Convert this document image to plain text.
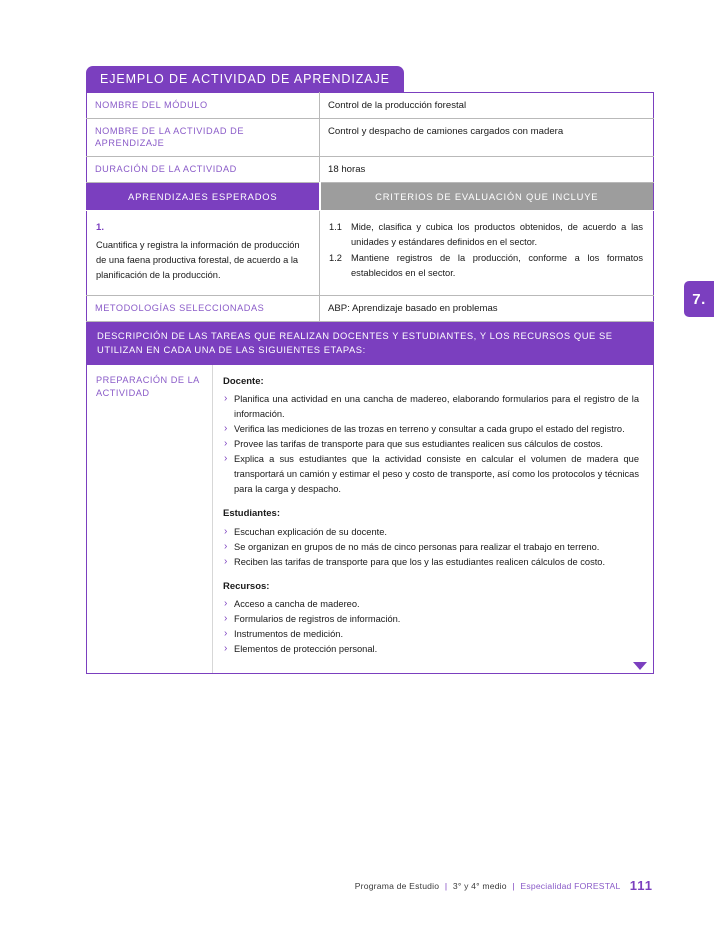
7.
EJEMPLO DE ACTIVIDAD DE APRENDIZAJE
NOMBRE DEL MÓDULO	Control de la producción forestal
NOMBRE DE LA ACTIVIDAD DE APRENDIZAJE	Control y despacho de camiones cargados con madera
DURACIÓN DE LA ACTIVIDAD	18 horas
APRENDIZAJES ESPERADOS	CRITERIOS DE EVALUACIÓN QUE INCLUYE

1.
Cuantifica y registra la información de producción de una faena productiva forestal, de acuerdo a la planificación de la producción.	
1.1 Mide, clasifica y cubica los productos obtenidos, de acuerdo a las unidades y estándares definidos en el sector.
1.2 Mantiene registros de la producción, conforme a los formatos establecidos en el sector.

METODOLOGÍAS SELECCIONADAS	ABP: Aprendizaje basado en problemas
DESCRIPCIÓN DE LAS TAREAS QUE REALIZAN DOCENTES Y ESTUDIANTES, Y LOS RECURSOS QUE SE UTILIZAN EN CADA UNA DE LAS SIGUIENTES ETAPAS:
PREPARACIÓN DE LA ACTIVIDAD
Docente:
› Planifica una actividad en una cancha de madereo, elaborando formularios para el registro de la información.
› Verifica las mediciones de las trozas en terreno y consultar a cada grupo el estado del registro.
› Provee las tarifas de transporte para que sus estudiantes realicen sus cálculos de costos.
› Explica a sus estudiantes que la actividad consiste en calcular el volumen de madera que transportará un camión y estimar el peso y costo de transporte, así como los protocolos y técnicas para la carga y despacho.
Estudiantes:
› Escuchan explicación de su docente.
› Se organizan en grupos de no más de cinco personas para realizar el trabajo en terreno.
› Reciben las tarifas de transporte para que los y las estudiantes realicen cálculos de costo.
Recursos:
› Acceso a cancha de madereo.
› Formularios de registros de información.
› Instrumentos de medición.
› Elementos de protección personal.
Programa de Estudio | 3° y 4° medio | Especialidad FORESTAL 111
